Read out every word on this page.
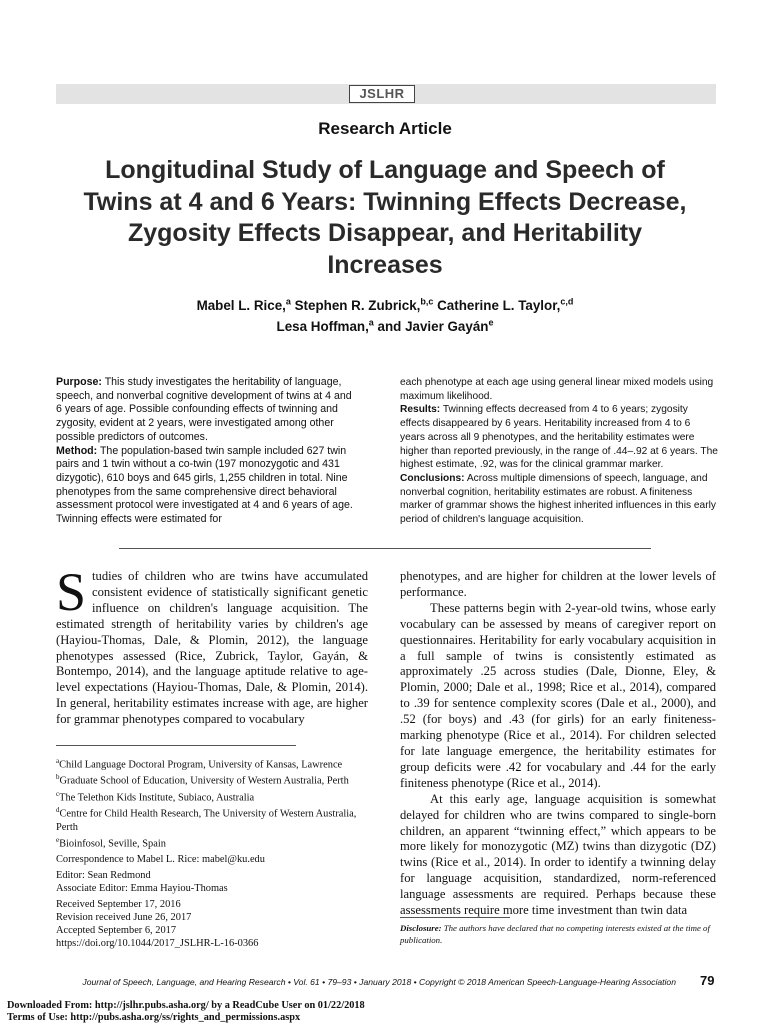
JSLHR
Research Article
Longitudinal Study of Language and Speech of Twins at 4 and 6 Years: Twinning Effects Decrease, Zygosity Effects Disappear, and Heritability Increases
Mabel L. Rice,$^a$ Stephen R. Zubrick,$^{b,c}$ Catherine L. Taylor,$^{c,d}$
Lesa Hoffman,$^a$ and Javier Gayán$^e$

Purpose: This study investigates the heritability of language, speech, and nonverbal cognitive development of twins at 4 and 6 years of age. Possible confounding effects of twinning and zygosity, evident at 2 years, were investigated among other possible predictors of outcomes.

Method: The population-based twin sample included 627 twin pairs and 1 twin without a co-twin (197 monozygotic and 431 dizygotic), 610 boys and 645 girls, 1,255 children in total. Nine phenotypes from the same comprehensive direct behavioral assessment protocol were investigated at 4 and 6 years of age. Twinning effects were estimated for

each phenotype at each age using general linear mixed models using maximum likelihood.

Results: Twinning effects decreased from 4 to 6 years; zygosity effects disappeared by 6 years. Heritability increased from 4 to 6 years across all 9 phenotypes, and the heritability estimates were higher than reported previously, in the range of .44–.92 at 6 years. The highest estimate, .92, was for the clinical grammar marker.

Conclusions: Across multiple dimensions of speech, language, and nonverbal cognition, heritability estimates are robust. A finiteness marker of grammar shows the highest inherited influences in this early period of children's language acquisition.

Studies of children who are twins have accumulated consistent evidence of statistically significant genetic influence on children's language acquisition. The estimated strength of heritability varies by children's age (Hayiou-Thomas, Dale, & Plomin, 2012), the language phenotypes assessed (Rice, Zubrick, Taylor, Gayán, & Bontempo, 2014), and the language aptitude relative to age-level expectations (Hayiou-Thomas, Dale, & Plomin, 2014). In general, heritability estimates increase with age, are higher for grammar phenotypes compared to vocabulary

phenotypes, and are higher for children at the lower levels of performance.

These patterns begin with 2-year-old twins, whose early vocabulary can be assessed by means of caregiver report on questionnaires. Heritability for early vocabulary acquisition in a full sample of twins is consistently estimated as approximately .25 across studies (Dale, Dionne, Eley, & Plomin, 2000; Dale et al., 1998; Rice et al., 2014), compared to .39 for sentence complexity scores (Dale et al., 2000), and .52 (for boys) and .43 (for girls) for an early finiteness-marking phenotype (Rice et al., 2014). For children selected for late language emergence, the heritability estimates for group deficits were .42 for vocabulary and .44 for the early finiteness phenotype (Rice et al., 2014).

At this early age, language acquisition is somewhat delayed for children who are twins compared to single-born children, an apparent “twinning effect,” which appears to be more likely for monozygotic (MZ) twins than dizygotic (DZ) twins (Rice et al., 2014). In order to identify a twinning delay for language acquisition, standardized, norm-referenced language assessments are required. Perhaps because these assessments require more time investment than twin data

$^a$Child Language Doctoral Program, University of Kansas, Lawrence

$^b$Graduate School of Education, University of Western Australia, Perth

$^c$The Telethon Kids Institute, Subiaco, Australia

$^d$Centre for Child Health Research, The University of Western Australia, Perth

$^e$Bioinfosol, Seville, Spain

Correspondence to Mabel L. Rice: mabel@ku.edu

Editor: Sean Redmond

Associate Editor: Emma Hayiou-Thomas

Received September 17, 2016

Revision received June 26, 2017

Accepted September 6, 2017

https://doi.org/10.1044/2017_JSLHR-L-16-0366

Disclosure: The authors have declared that no competing interests existed at the time of publication.
Journal of Speech, Language, and Hearing Research • Vol. 61 • 79–93 • January 2018 • Copyright © 2018 American Speech-Language-Hearing Association 79
Downloaded From: http://jslhr.pubs.asha.org/ by a ReadCube User on 01/22/2018
Terms of Use: http://pubs.asha.org/ss/rights_and_permissions.aspx
